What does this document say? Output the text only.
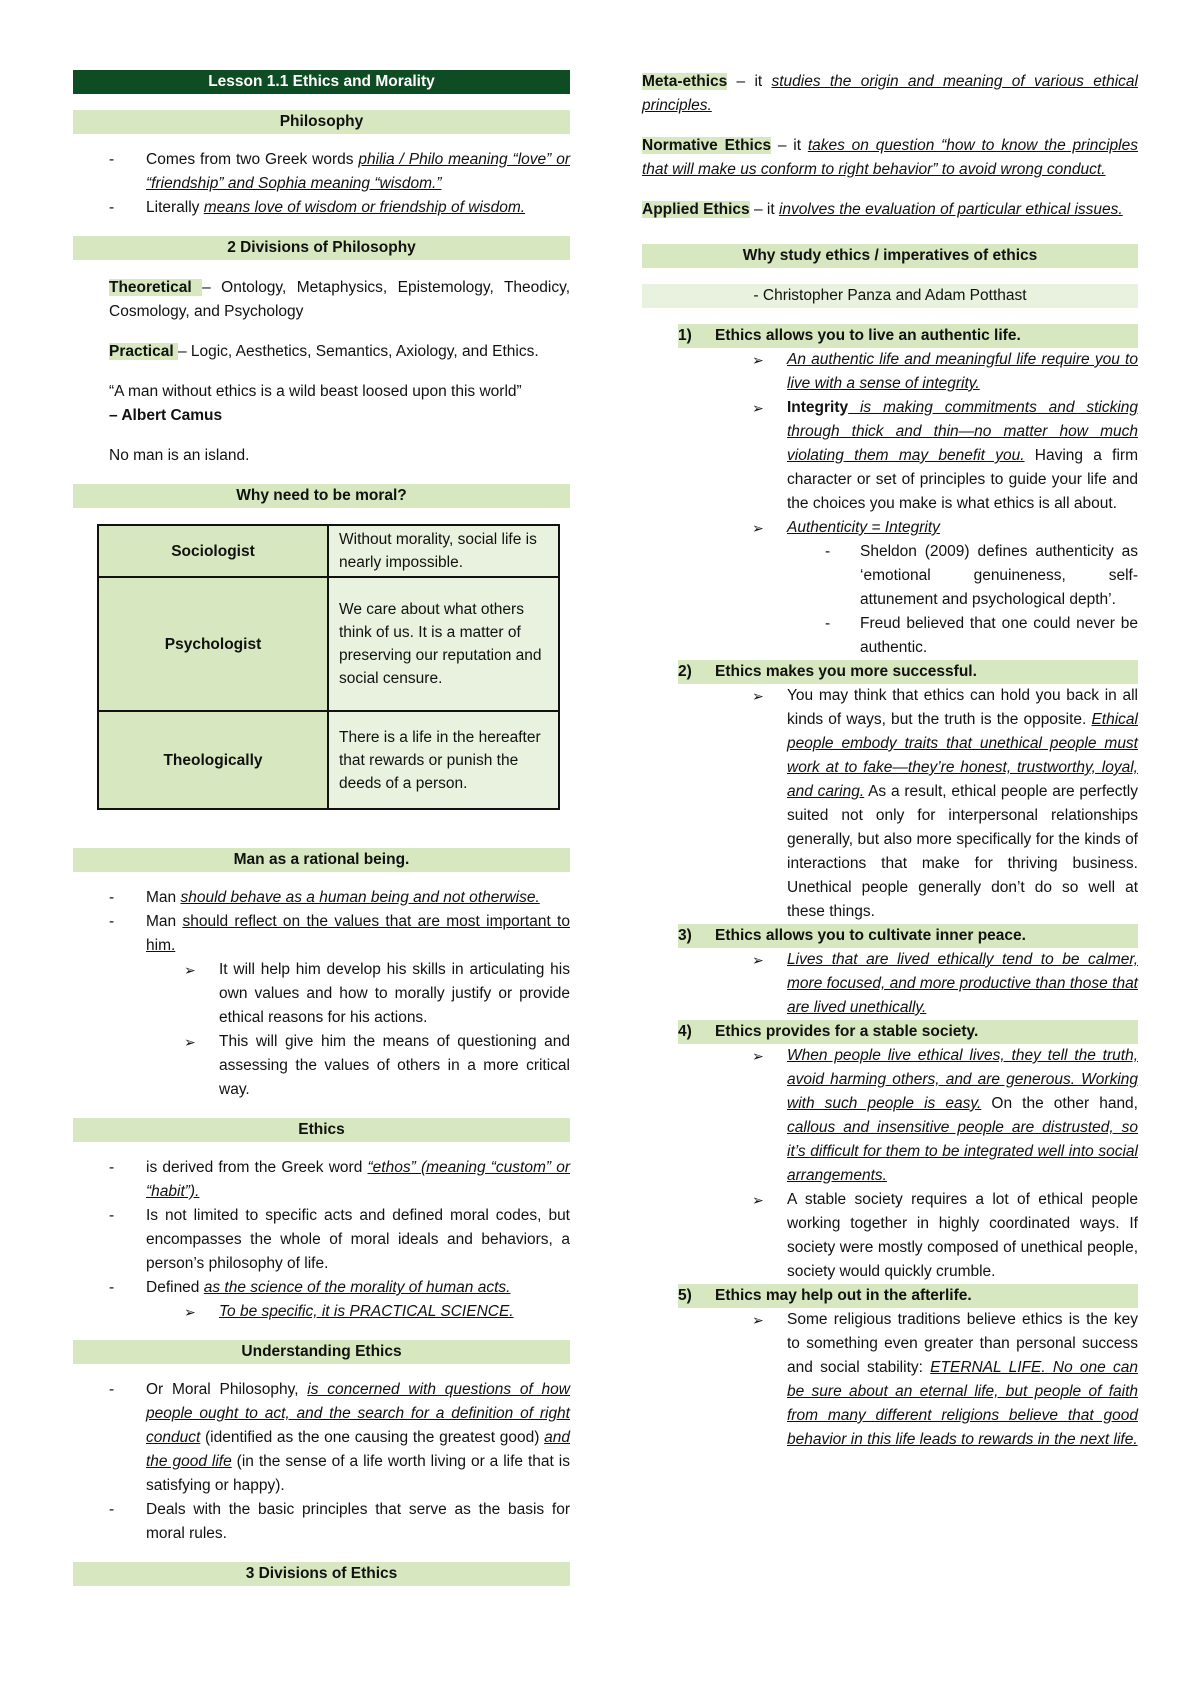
Lesson 1.1 Ethics and Morality
Philosophy
- Comes from two Greek words philia / Philo meaning “love” or “friendship” and Sophia meaning “wisdom.”
- Literally means love of wisdom or friendship of wisdom.
2 Divisions of Philosophy

Theoretical – Ontology, Metaphysics, Epistemology, Theodicy, Cosmology, and Psychology

Practical – Logic, Aesthetics, Semantics, Axiology, and Ethics.

“A man without ethics is a wild beast loosed upon this world”
– Albert Camus

No man is an island.

Why need to be moral?
Sociologist	Without morality, social life is nearly impossible.
Psychologist	We care about what others think of us. It is a matter of preserving our reputation and social censure.
Theologically	There is a life in the hereafter that rewards or punish the deeds of a person.
Man as a rational being.
- Man should behave as a human being and not otherwise.
- Man should reflect on the values that are most important to him.
➢ It will help him develop his skills in articulating his own values and how to morally justify or provide ethical reasons for his actions.
➢ This will give him the means of questioning and assessing the values of others in a more critical way.
Ethics
- is derived from the Greek word “ethos” (meaning “custom” or “habit”).
- Is not limited to specific acts and defined moral codes, but encompasses the whole of moral ideals and behaviors, a person’s philosophy of life.
- Defined as the science of the morality of human acts.
➢ To be specific, it is PRACTICAL SCIENCE.
Understanding Ethics
- Or Moral Philosophy, is concerned with questions of how people ought to act, and the search for a definition of right conduct (identified as the one causing the greatest good) and the good life (in the sense of a life worth living or a life that is satisfying or happy).
- Deals with the basic principles that serve as the basis for moral rules.
3 Divisions of Ethics

Meta-ethics – it studies the origin and meaning of various ethical principles.

Normative Ethics – it takes on question “how to know the principles that will make us conform to right behavior” to avoid wrong conduct.

Applied Ethics – it involves the evaluation of particular ethical issues.

Why study ethics / imperatives of ethics
- Christopher Panza and Adam Potthast
1)	Ethics allows you to live an authentic life.
➢ An authentic life and meaningful life require you to live with a sense of integrity.
➢ Integrity is making commitments and sticking through thick and thin—no matter how much violating them may benefit you. Having a firm character or set of principles to guide your life and the choices you make is what ethics is all about.
➢ Authenticity = Integrity
- Sheldon (2009) defines authenticity as ‘emotional genuineness, self-attunement and psychological depth’.
- Freud believed that one could never be authentic.
2)	Ethics makes you more successful.
➢ You may think that ethics can hold you back in all kinds of ways, but the truth is the opposite. Ethical people embody traits that unethical people must work at to fake—they’re honest, trustworthy, loyal, and caring. As a result, ethical people are perfectly suited not only for interpersonal relationships generally, but also more specifically for the kinds of interactions that make for thriving business. Unethical people generally don’t do so well at these things.
3)	Ethics allows you to cultivate inner peace.
➢ Lives that are lived ethically tend to be calmer, more focused, and more productive than those that are lived unethically.
4)	Ethics provides for a stable society.
➢ When people live ethical lives, they tell the truth, avoid harming others, and are generous. Working with such people is easy. On the other hand, callous and insensitive people are distrusted, so it’s difficult for them to be integrated well into social arrangements.
➢ A stable society requires a lot of ethical people working together in highly coordinated ways. If society were mostly composed of unethical people, society would quickly crumble.
5)	Ethics may help out in the afterlife.
➢ Some religious traditions believe ethics is the key to something even greater than personal success and social stability: ETERNAL LIFE. No one can be sure about an eternal life, but people of faith from many different religions believe that good behavior in this life leads to rewards in the next life.
